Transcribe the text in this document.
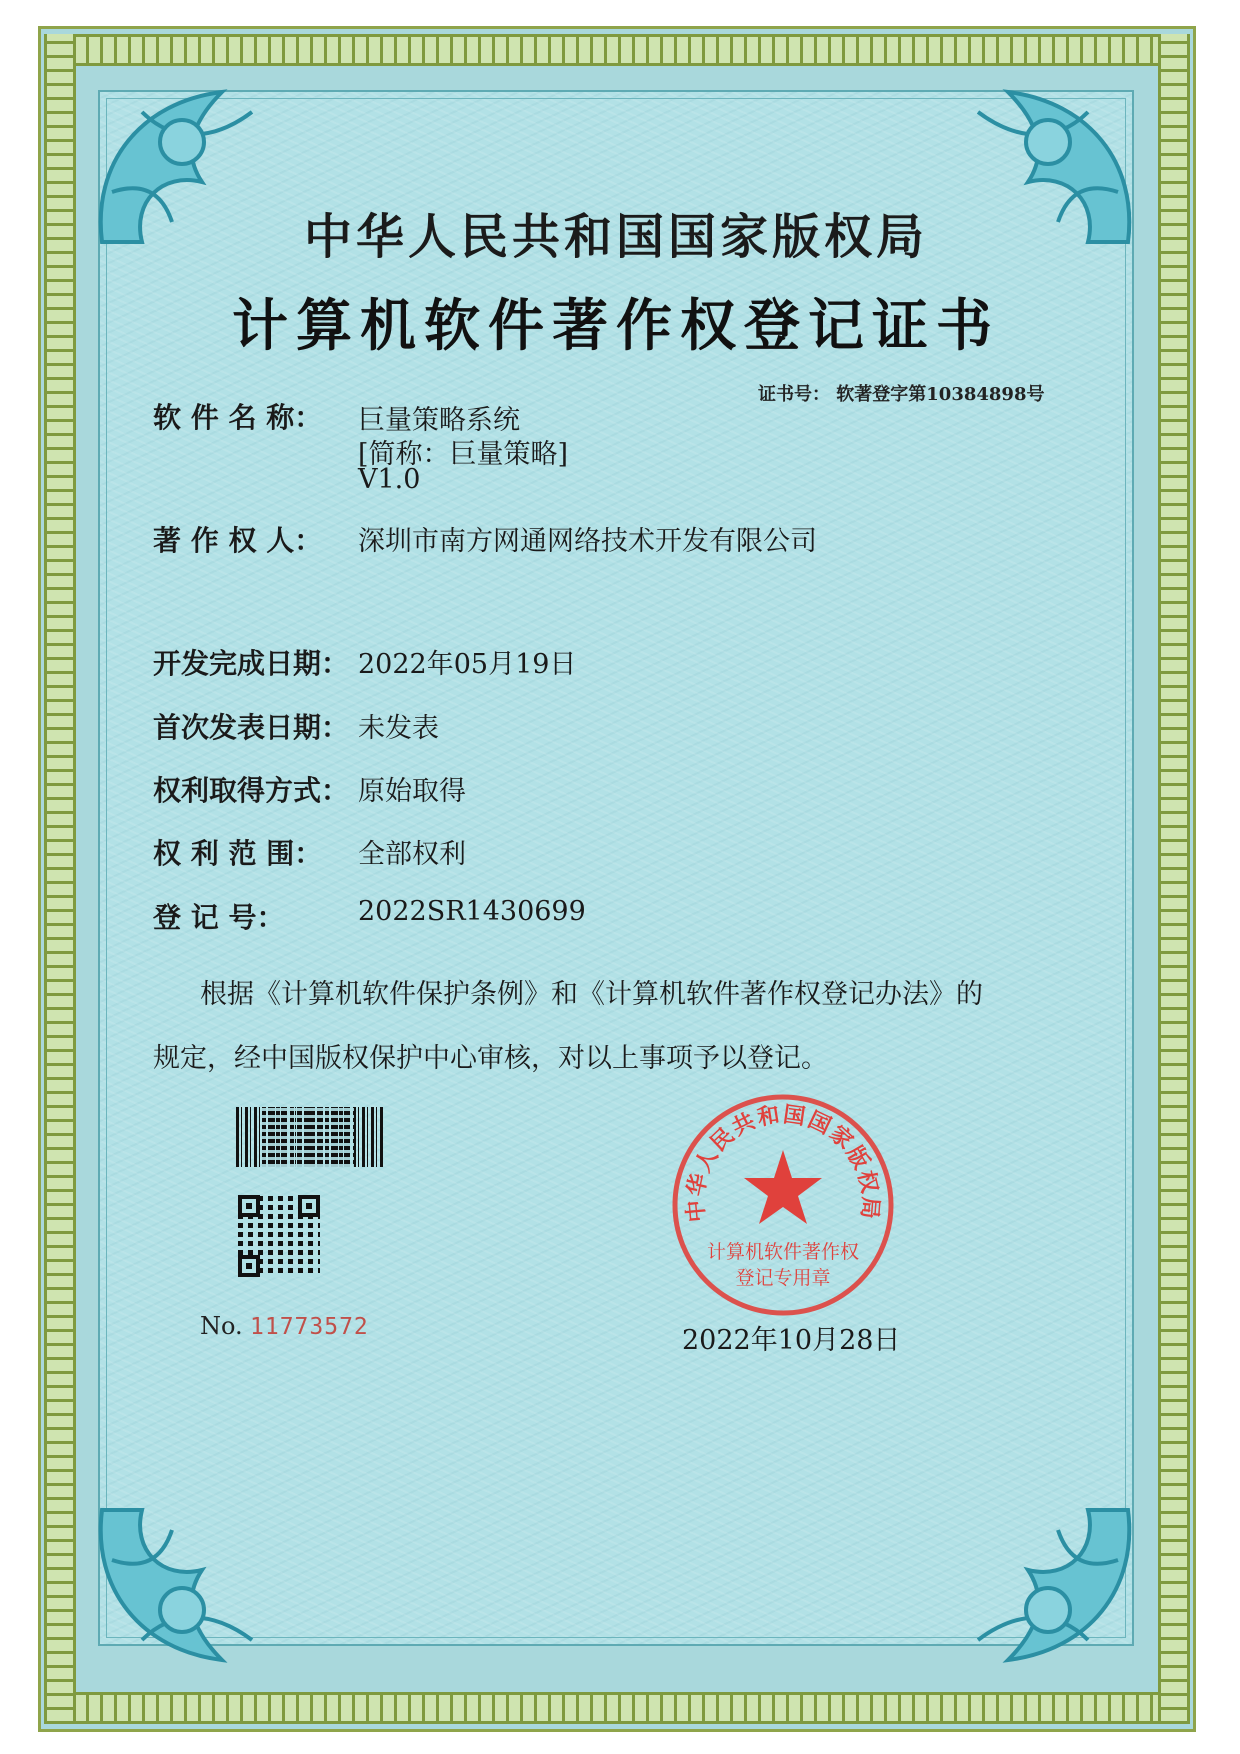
中华人民共和国国家版权局
计算机软件著作权登记证书
证书号： 软著登字第10384898号
软 件 名 称： 巨量策略系统
[简称：巨量策略]
V1.0
著 作 权 人： 深圳市南方网通网络技术开发有限公司
开发完成日期： 2022年05月19日
首次发表日期： 未发表
权利取得方式： 原始取得
权 利 范 围： 全部权利
登 记 号：	2022SR1430699
根据《计算机软件保护条例》和《计算机软件著作权登记办法》的
规定，经中国版权保护中心审核，对以上事项予以登记。
No. 11773572
中华人民共和国国家版权局
计算机软件著作权
登记专用章
2022年10月28日
